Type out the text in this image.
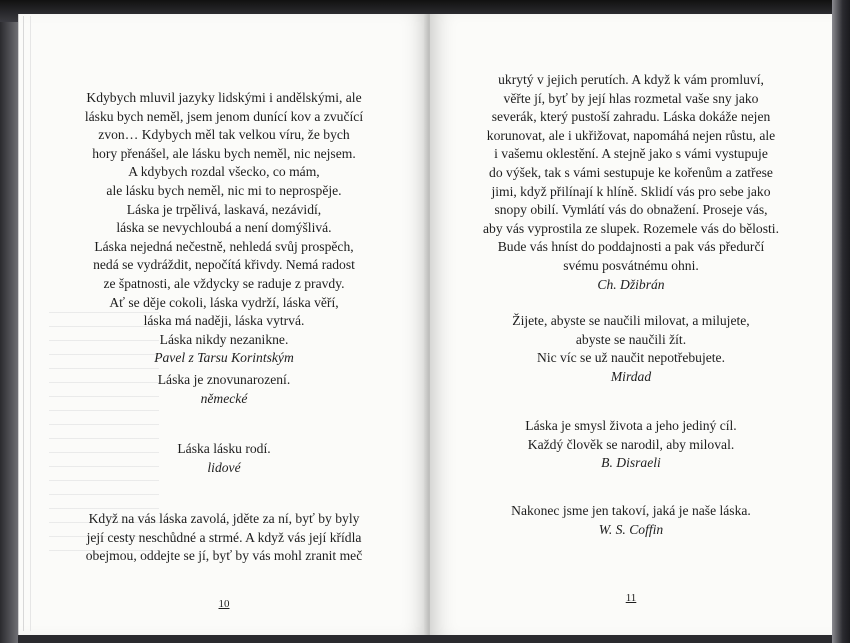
Kdybych mluvil jazyky lidskými i andělskými, ale
lásku bych neměl, jsem jenom dunící kov a zvučící
zvon… Kdybych měl tak velkou víru, že bych
hory přenášel, ale lásku bych neměl, nic nejsem.
A kdybych rozdal všecko, co mám,
ale lásku bych neměl, nic mi to neprospěje.
Láska je trpělivá, laskavá, nezávidí,
láska se nevychloubá a není domýšlivá.
Láska nejedná nečestně, nehledá svůj prospěch,
nedá se vydráždit, nepočítá křivdy. Nemá radost
ze špatnosti, ale vždycky se raduje z pravdy.
Ať se děje cokoli, láska vydrží, láska věří,
láska má naději, láska vytrvá.
Láska nikdy nezanikne.
Pavel z Tarsu Korintským
Láska je znovunarození.
německé
Láska lásku rodí.
lidové
Když na vás láska zavolá, jděte za ní, byť by byly
její cesty neschůdné a strmé. A když vás její křídla
obejmou, oddejte se jí, byť by vás mohl zranit meč
10
ukrytý v jejich perutích. A když k vám promluví,
věřte jí, byť by její hlas rozmetal vaše sny jako
severák, který pustoší zahradu. Láska dokáže nejen
korunovat, ale i ukřižovat, napomáhá nejen růstu, ale
i vašemu oklestění. A stejně jako s vámi vystupuje
do výšek, tak s vámi sestupuje ke kořenům a zatřese
jimi, když přilínají k hlíně. Sklidí vás pro sebe jako
snopy obilí. Vymlátí vás do obnažení. Proseje vás,
aby vás vyprostila ze slupek. Rozemele vás do bělosti.
Bude vás hníst do poddajnosti a pak vás předurčí
svému posvátnému ohni.
Ch. Džibrán
Žijete, abyste se naučili milovat, a milujete,
abyste se naučili žít.
Nic víc se už naučit nepotřebujete.
Mirdad
Láska je smysl života a jeho jediný cíl.
Každý člověk se narodil, aby miloval.
B. Disraeli
Nakonec jsme jen takoví, jaká je naše láska.
W. S. Coffin
11
